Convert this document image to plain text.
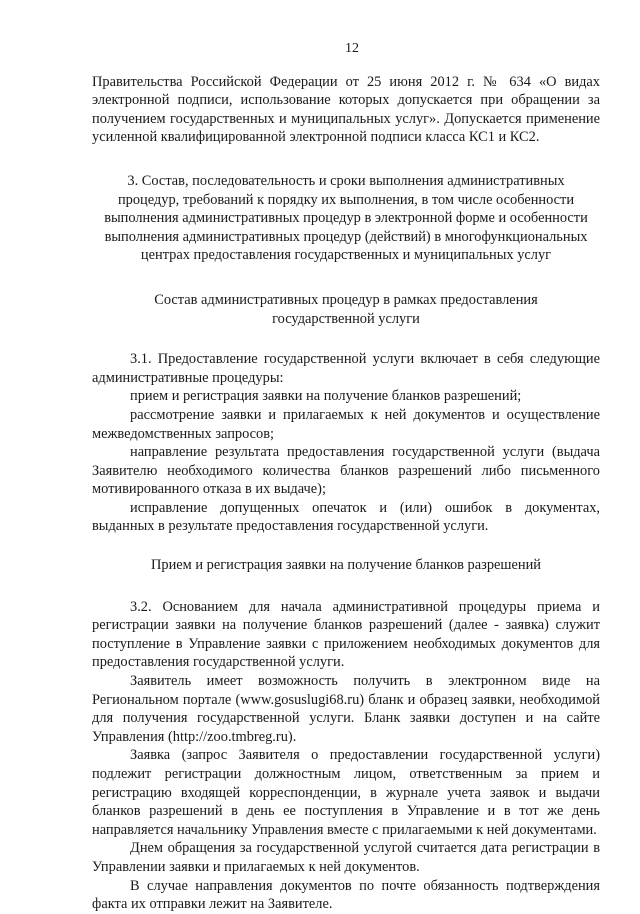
12

Правительства Российской Федерации от 25 июня 2012 г. № 634 «О видах электронной подписи, использование которых допускается при обращении за получением государственных и муниципальных услуг». Допускается применение усиленной квалифицированной электронной подписи класса КС1 и КС2.

3. Состав, последовательность и сроки выполнения административных процедур, требований к порядку их выполнения, в том числе особенности выполнения административных процедур в электронной форме и особенности выполнения административных процедур (действий) в многофункциональных центрах предоставления государственных и муниципальных услуг

Состав административных процедур в рамках предоставления государственной услуги

3.1. Предоставление государственной услуги включает в себя следующие административные процедуры:

прием и регистрация заявки на получение бланков разрешений;

рассмотрение заявки и прилагаемых к ней документов и осуществление межведомственных запросов;

направление результата предоставления государственной услуги (выдача Заявителю необходимого количества бланков разрешений либо письменного мотивированного отказа в их выдаче);

исправление допущенных опечаток и (или) ошибок в документах, выданных в результате предоставления государственной услуги.

Прием и регистрация заявки на получение бланков разрешений

3.2. Основанием для начала административной процедуры приема и регистрации заявки на получение бланков разрешений (далее - заявка) служит поступление в Управление заявки с приложением необходимых документов для предоставления государственной услуги.

Заявитель имеет возможность получить в электронном виде на Региональном портале (www.gosuslugi68.ru) бланк и образец заявки, необходимой для получения государственной услуги. Бланк заявки доступен и на сайте Управления (http://zoo.tmbreg.ru).

Заявка (запрос Заявителя о предоставлении государственной услуги) подлежит регистрации должностным лицом, ответственным за прием и регистрацию входящей корреспонденции, в журнале учета заявок и выдачи бланков разрешений в день ее поступления в Управление и в тот же день направляется начальнику Управления вместе с прилагаемыми к ней документами.

Днем обращения за государственной услугой считается дата регистрации в Управлении заявки и прилагаемых к ней документов.

В случае направления документов по почте обязанность подтверждения факта их отправки лежит на Заявителе.
